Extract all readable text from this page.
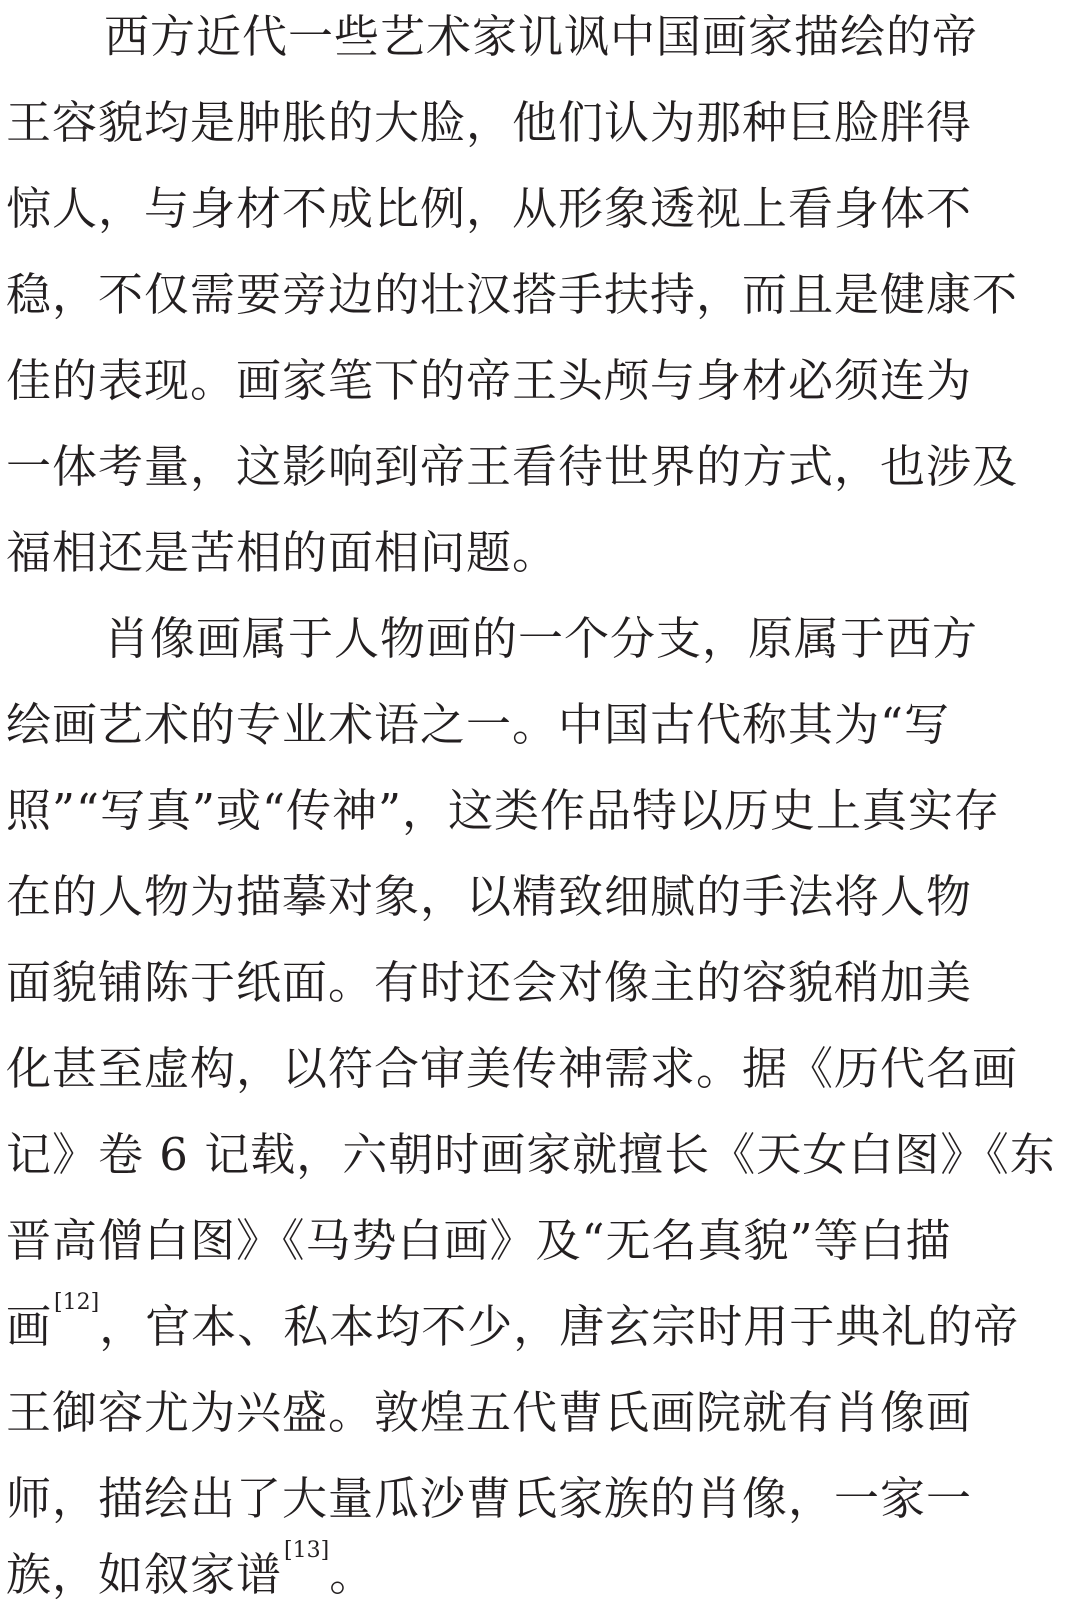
西方近代一些艺术家讥讽中国画家描绘的帝
王容貌均是肿胀的大脸，他们认为那种巨脸胖得
惊人，与身材不成比例，从形象透视上看身体不
稳，不仅需要旁边的壮汉搭手扶持，而且是健康不
佳的表现。画家笔下的帝王头颅与身材必须连为
一体考量，这影响到帝王看待世界的方式，也涉及
福相还是苦相的面相问题。
肖像画属于人物画的一个分支，原属于西方
绘画艺术的专业术语之一。中国古代称其为“写
照”“写真”或“传神”，这类作品特以历史上真实存
在的人物为描摹对象，以精致细腻的手法将人物
面貌铺陈于纸面。有时还会对像主的容貌稍加美
化甚至虚构，以符合审美传神需求。据《历代名画
记》卷 6 记载，六朝时画家就擅长《天女白图》《东
晋高僧白图》《马势白画》及“无名真貌”等白描
画[12]，官本、私本均不少，唐玄宗时用于典礼的帝
王御容尤为兴盛。敦煌五代曹氏画院就有肖像画
师，描绘出了大量瓜沙曹氏家族的肖像，一家一
族，如叙家谱[13]。
